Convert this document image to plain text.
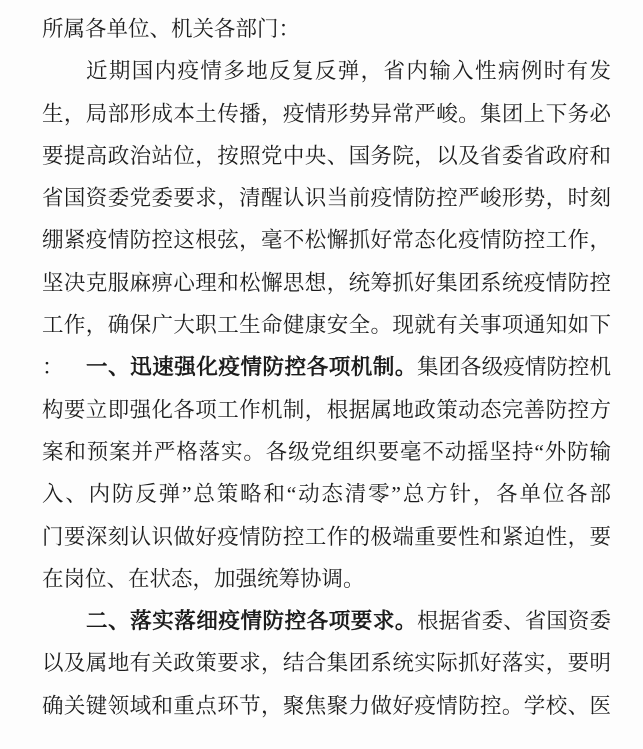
所属各单位、机关各部门：
近期国内疫情多地反复反弹，省内输入性病例时有发
生，局部形成本土传播，疫情形势异常严峻。集团上下务必
要提高政治站位，按照党中央、国务院，以及省委省政府和
省国资委党委要求，清醒认识当前疫情防控严峻形势，时刻
绷紧疫情防控这根弦，毫不松懈抓好常态化疫情防控工作，
坚决克服麻痹心理和松懈思想，统筹抓好集团系统疫情防控
工作，确保广大职工生命健康安全。现就有关事项通知如下：	一、迅速强化疫情防控各项机制。集团各级疫情防控机
构要立即强化各项工作机制，根据属地政策动态完善防控方
案和预案并严格落实。各级党组织要毫不动摇坚持“外防输
入、内防反弹”总策略和“动态清零”总方针，各单位各部
门要深刻认识做好疫情防控工作的极端重要性和紧迫性，要
在岗位、在状态，加强统筹协调。
二、落实落细疫情防控各项要求。根据省委、省国资委
以及属地有关政策要求，结合集团系统实际抓好落实，要明
确关键领域和重点环节，聚焦聚力做好疫情防控。学校、医
